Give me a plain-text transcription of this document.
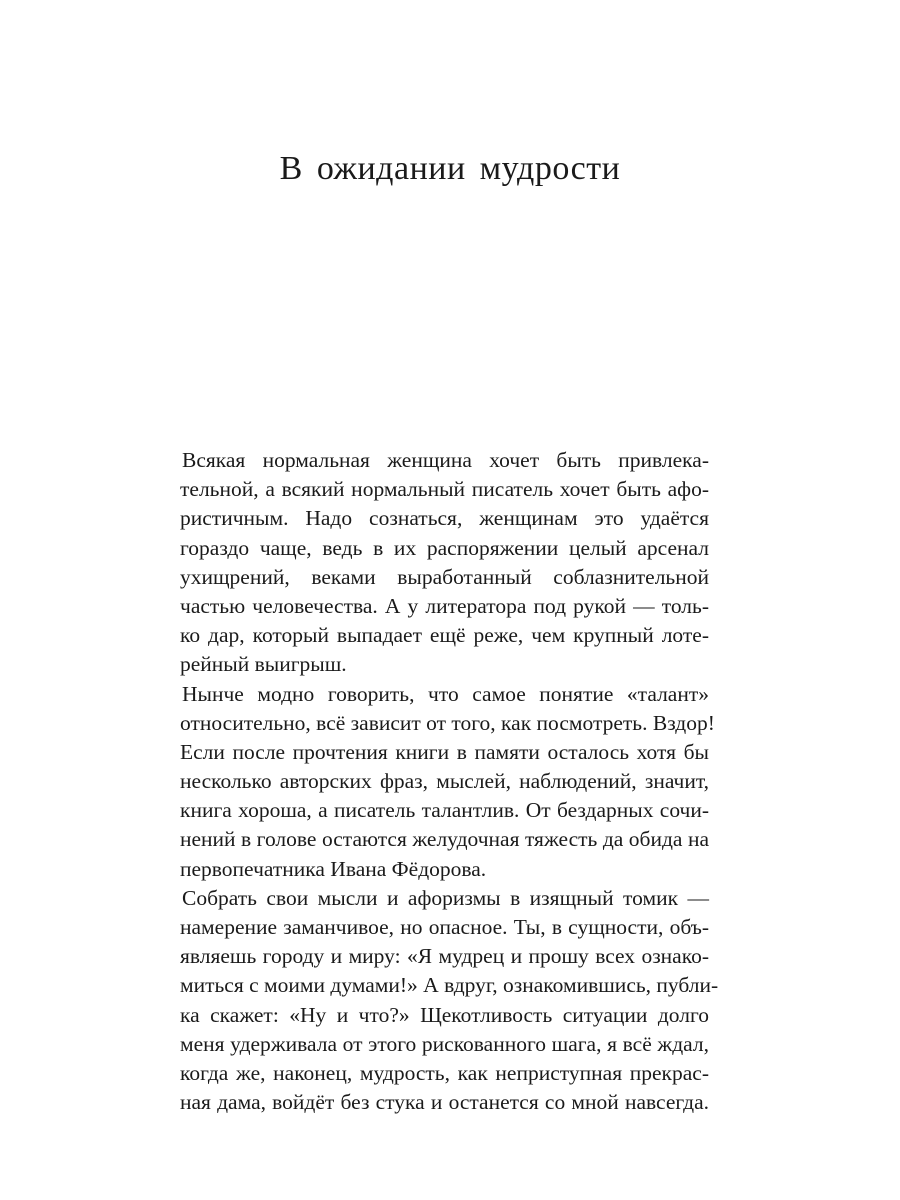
В ожидании мудрости
Всякая нормальная женщина хочет быть привлека-
тельной, а всякий нормальный писатель хочет быть афо-
ристичным. Надо сознаться, женщинам это удаётся
гораздо чаще, ведь в их распоряжении целый арсенал
ухищрений, веками выработанный соблазнительной
частью человечества. А у литератора под рукой — толь-
ко дар, который выпадает ещё реже, чем крупный лоте-
рейный выигрыш.
Нынче модно говорить, что самое понятие «талант»
относительно, всё зависит от того, как посмотреть. Вздор!
Если после прочтения книги в памяти осталось хотя бы
несколько авторских фраз, мыслей, наблюдений, значит,
книга хороша, а писатель талантлив. От бездарных сочи-
нений в голове остаются желудочная тяжесть да обида на
первопечатника Ивана Фёдорова.
Собрать свои мысли и афоризмы в изящный томик —
намерение заманчивое, но опасное. Ты, в сущности, объ-
являешь городу и миру: «Я мудрец и прошу всех ознако-
миться с моими думами!» А вдруг, ознакомившись, публи-
ка скажет: «Ну и что?» Щекотливость ситуации долго
меня удерживала от этого рискованного шага, я всё ждал,
когда же, наконец, мудрость, как неприступная прекрас-
ная дама, войдёт без стука и останется со мной навсегда.
